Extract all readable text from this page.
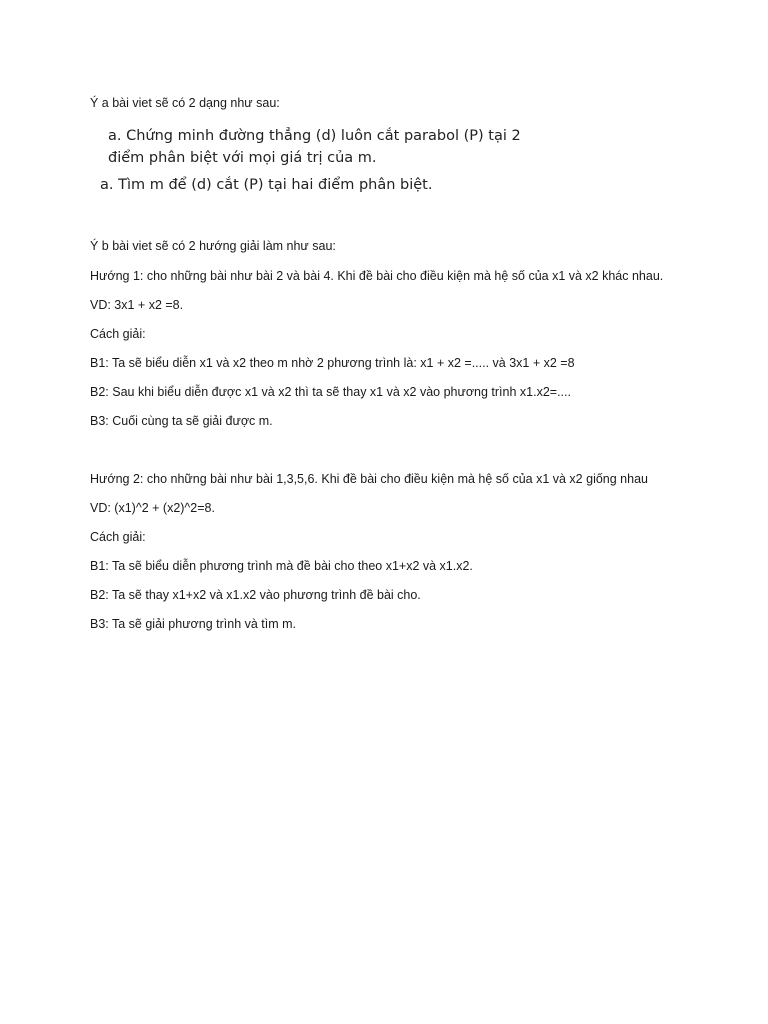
Ý a bài viet sẽ có 2 dạng như sau:
a. Chứng minh đường thẳng (d) luôn cắt parabol (P) tại 2
điểm phân biệt với mọi giá trị của m.
a. Tìm m để (d) cắt (P) tại hai điểm phân biệt.
Ý b bài viet sẽ có 2 hướng giải làm như sau:
Hướng 1: cho những bài như bài 2 và bài 4. Khi đề bài cho điều kiện mà hệ số của x1 và x2 khác nhau.
VD: 3x1 + x2 =8.
Cách giải:
B1: Ta sẽ biểu diễn x1 và x2 theo m nhờ 2 phương trình là: x1 + x2 =..... và 3x1 + x2 =8
B2: Sau khi biểu diễn được x1 và x2 thì ta sẽ thay x1 và x2 vào phương trình x1.x2=....
B3: Cuối cùng ta sẽ giải được m.
Hướng 2: cho những bài như bài 1,3,5,6. Khi đề bài cho điều kiện mà hệ số của x1 và x2 giống nhau
VD: (x1)^2 + (x2)^2=8.
Cách giải:
B1: Ta sẽ biểu diễn phương trình mà đề bài cho theo x1+x2 và x1.x2.
B2: Ta sẽ thay x1+x2 và x1.x2 vào phương trình đề bài cho.
B3: Ta sẽ giải phương trình và tìm m.
